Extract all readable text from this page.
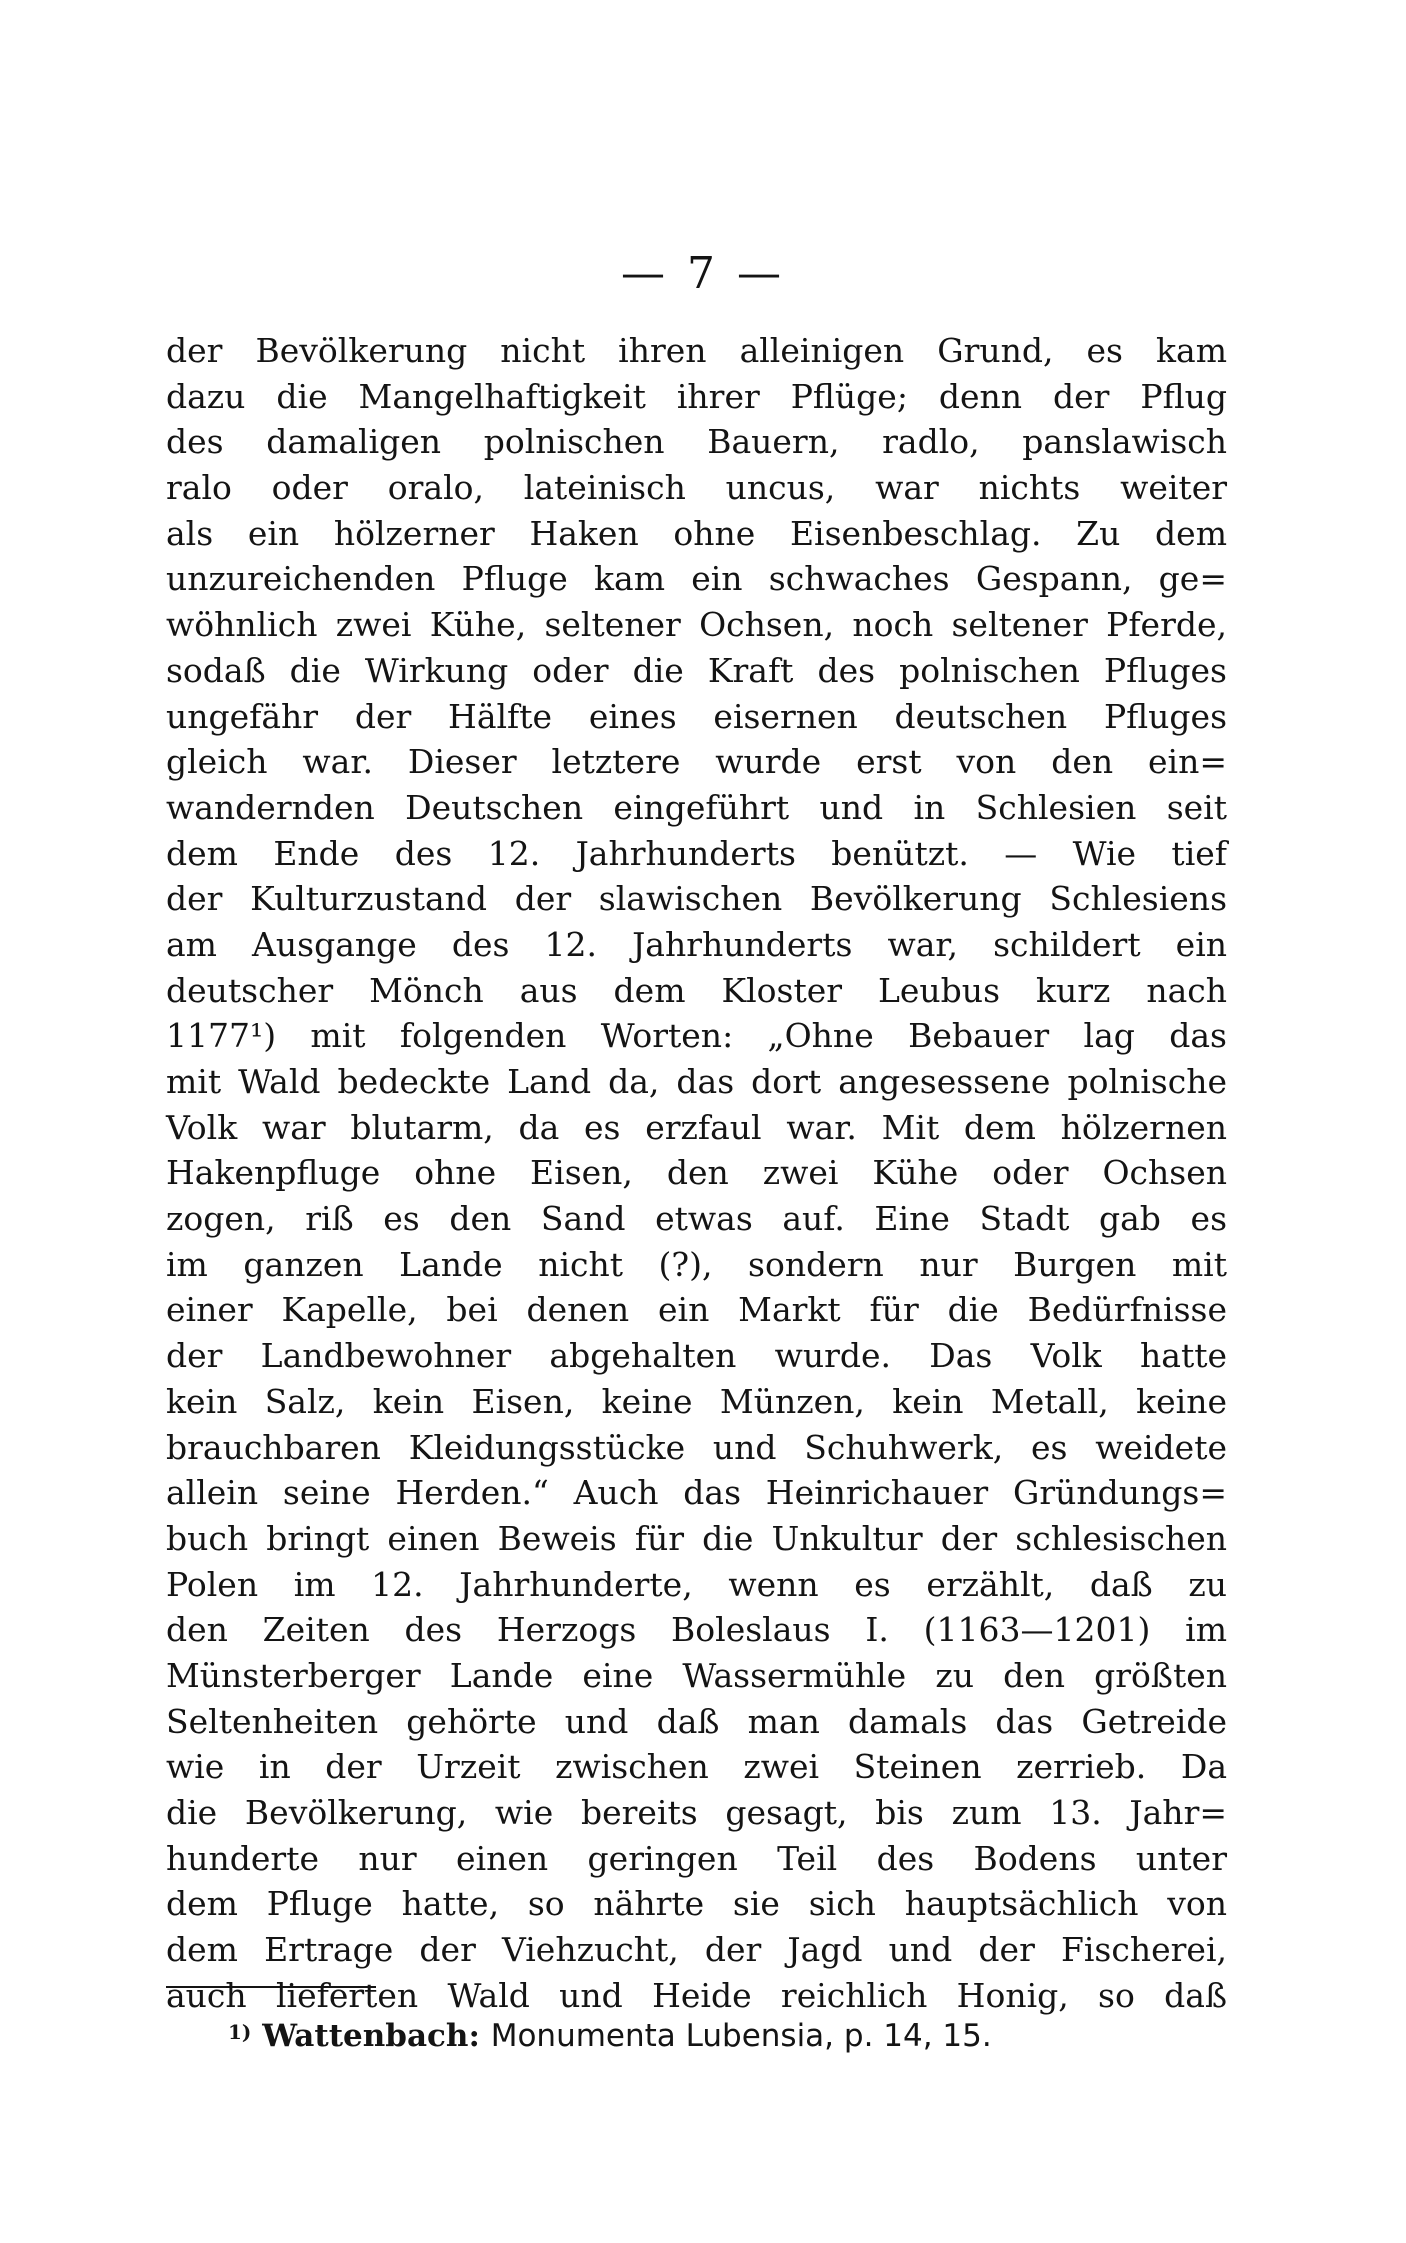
— 7 —
der Bevölkerung nicht ihren alleinigen Grund, es kam
dazu die Mangelhaftigkeit ihrer Pflüge; denn der Pflug
des damaligen polnischen Bauern, radlo, panslawisch
ralo oder oralo, lateinisch uncus, war nichts weiter
als ein hölzerner Haken ohne Eisenbeschlag. Zu dem
unzureichenden Pfluge kam ein schwaches Gespann, ge=
wöhnlich zwei Kühe, seltener Ochsen, noch seltener Pferde,
sodaß die Wirkung oder die Kraft des polnischen Pfluges
ungefähr der Hälfte eines eisernen deutschen Pfluges
gleich war. Dieser letztere wurde erst von den ein=
wandernden Deutschen eingeführt und in Schlesien seit
dem Ende des 12. Jahrhunderts benützt. — Wie tief
der Kulturzustand der slawischen Bevölkerung Schlesiens
am Ausgange des 12. Jahrhunderts war, schildert ein
deutscher Mönch aus dem Kloster Leubus kurz nach
1177¹) mit folgenden Worten: „Ohne Bebauer lag das
mit Wald bedeckte Land da, das dort angesessene polnische
Volk war blutarm, da es erzfaul war. Mit dem hölzernen
Hakenpfluge ohne Eisen, den zwei Kühe oder Ochsen
zogen, riß es den Sand etwas auf. Eine Stadt gab es
im ganzen Lande nicht (?), sondern nur Burgen mit
einer Kapelle, bei denen ein Markt für die Bedürfnisse
der Landbewohner abgehalten wurde. Das Volk hatte
kein Salz, kein Eisen, keine Münzen, kein Metall, keine
brauchbaren Kleidungsstücke und Schuhwerk, es weidete
allein seine Herden.“ Auch das Heinrichauer Gründungs=
buch bringt einen Beweis für die Unkultur der schlesischen
Polen im 12. Jahrhunderte, wenn es erzählt, daß zu
den Zeiten des Herzogs Boleslaus I. (1163—1201) im
Münsterberger Lande eine Wassermühle zu den größten
Seltenheiten gehörte und daß man damals das Getreide
wie in der Urzeit zwischen zwei Steinen zerrieb. Da
die Bevölkerung, wie bereits gesagt, bis zum 13. Jahr=
hunderte nur einen geringen Teil des Bodens unter
dem Pfluge hatte, so nährte sie sich hauptsächlich von
dem Ertrage der Viehzucht, der Jagd und der Fischerei,
auch lieferten Wald und Heide reichlich Honig, so daß
$^{1)}$ Wattenbach: Monumenta Lubensia, p. 14, 15.
